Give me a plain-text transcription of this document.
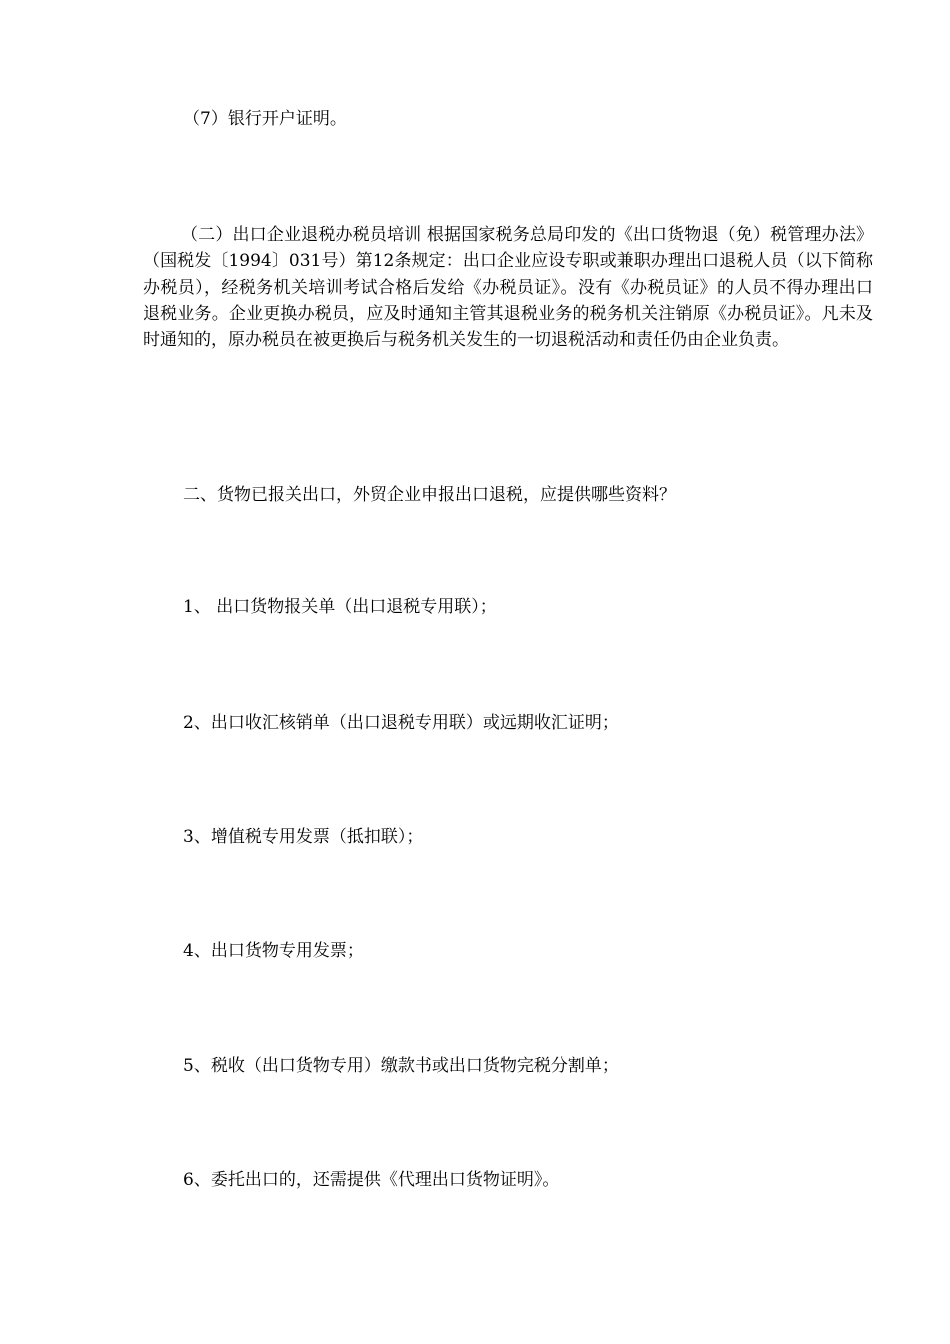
（7）银行开户证明。
（二）出口企业退税办税员培训 根据国家税务总局印发的《出口货物退（免）税管理办法》（国税发〔1994〕031号）第12条规定：出口企业应设专职或兼职办理出口退税人员（以下简称办税员），经税务机关培训考试合格后发给《办税员证》。没有《办税员证》的人员不得办理出口退税业务。企业更换办税员，应及时通知主管其退税业务的税务机关注销原《办税员证》。凡未及时通知的，原办税员在被更换后与税务机关发生的一切退税活动和责任仍由企业负责。
二、货物已报关出口，外贸企业申报出口退税，应提供哪些资料？
1、 出口货物报关单（出口退税专用联）；
2、出口收汇核销单（出口退税专用联）或远期收汇证明；
3、增值税专用发票（抵扣联）；
4、出口货物专用发票；
5、税收（出口货物专用）缴款书或出口货物完税分割单；
6、委托出口的，还需提供《代理出口货物证明》。
